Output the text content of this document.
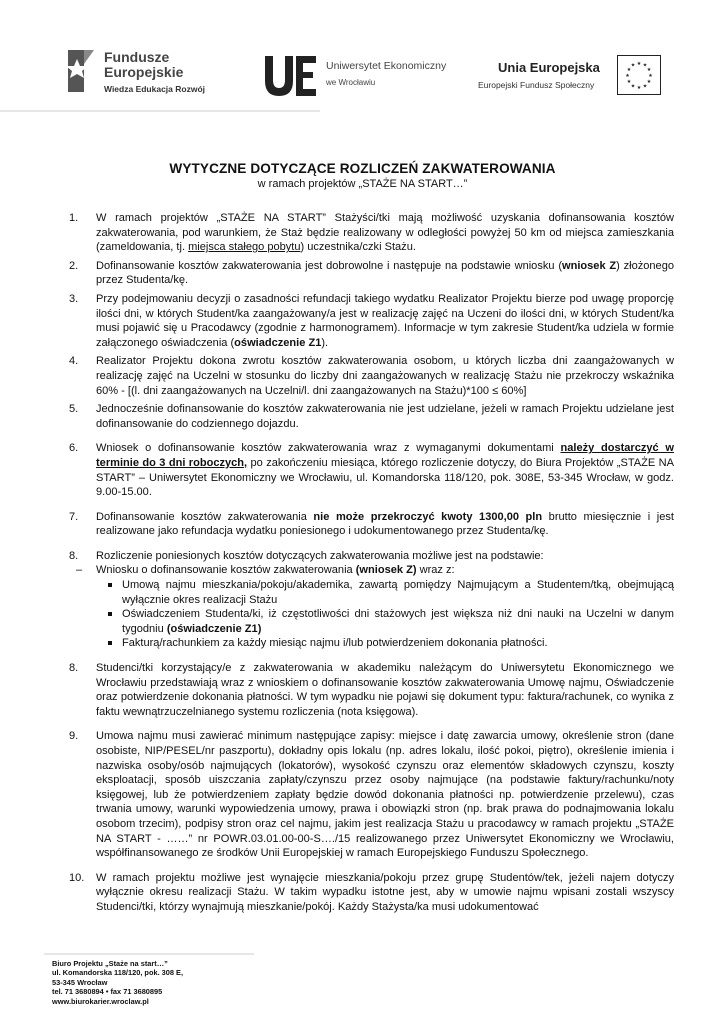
Fundusze
Europejskie
Wiedza Edukacja Rozwój
Uniwersytet Ekonomiczny
we Wrocławiu
Unia Europejska
Europejski Fundusz Społeczny
★ ★
★
★
★
★
★
★
★
★
★
★
WYTYCZNE DOTYCZĄCE ROZLICZEŃ ZAKWATEROWANIA
w ramach projektów „STAŻE NA START…”
1. W ramach projektów „STAŻE NA START” Stażyści/tki mają możliwość uzyskania dofinansowania kosztów zakwaterowania, pod warunkiem, że Staż będzie realizowany w odległości powyżej 50 km od miejsca zamieszkania (zameldowania, tj. miejsca stałego pobytu) uczestnika/czki Stażu.
2. Dofinansowanie kosztów zakwaterowania jest dobrowolne i następuje na podstawie wniosku (wniosek Z) złożonego przez Studenta/kę.
3. Przy podejmowaniu decyzji o zasadności refundacji takiego wydatku Realizator Projektu bierze pod uwagę proporcję ilości dni, w których Student/ka zaangażowany/a jest w realizację zajęć na Uczeni do ilości dni, w których Student/ka musi pojawić się u Pracodawcy (zgodnie z harmonogramem). Informacje w tym zakresie Student/ka udziela w formie załączonego oświadczenia (oświadczenie Z1).
4. Realizator Projektu dokona zwrotu kosztów zakwaterowania osobom, u których liczba dni zaangażowanych w realizację zajęć na Uczelni w stosunku do liczby dni zaangażowanych w realizację Stażu nie przekroczy wskaźnika 60% - [(l. dni zaangażowanych na Uczelni/l. dni zaangażowanych na Stażu)*100 ≤ 60%]
5. Jednocześnie dofinansowanie do kosztów zakwaterowania nie jest udzielane, jeżeli w ramach Projektu udzielane jest dofinansowanie do codziennego dojazdu.
6. Wniosek o dofinansowanie kosztów zakwaterowania wraz z wymaganymi dokumentami należy dostarczyć w terminie do 3 dni roboczych, po zakończeniu miesiąca, którego rozliczenie dotyczy, do Biura Projektów „STAŻE NA START” – Uniwersytet Ekonomiczny we Wrocławiu, ul. Komandorska 118/120, pok. 308E, 53-345 Wrocław, w godz. 9.00-15.00.
7. Dofinansowanie kosztów zakwaterowania nie może przekroczyć kwoty 1300,00 pln brutto miesięcznie i jest realizowane jako refundacja wydatku poniesionego i udokumentowanego przez Studenta/kę.
8. Rozliczenie poniesionych kosztów dotyczących zakwaterowania możliwe jest na podstawie:
– Wniosku o dofinansowanie kosztów zakwaterowania (wniosek Z) wraz z:
Umową najmu mieszkania/pokoju/akademika, zawartą pomiędzy Najmującym a Studentem/tką, obejmującą wyłącznie okres realizacji Stażu
Oświadczeniem Studenta/ki, iż częstotliwości dni stażowych jest większa niż dni nauki na Uczelni w danym tygodniu (oświadczenie Z1)
Fakturą/rachunkiem za każdy miesiąc najmu i/lub potwierdzeniem dokonania płatności.
8. Studenci/tki korzystający/e z zakwaterowania w akademiku należącym do Uniwersytetu Ekonomicznego we Wrocławiu przedstawiają wraz z wnioskiem o dofinansowanie kosztów zakwaterowania Umowę najmu, Oświadczenie oraz potwierdzenie dokonania płatności. W tym wypadku nie pojawi się dokument typu: faktura/rachunek, co wynika z faktu wewnątrzuczelnianego systemu rozliczenia (nota księgowa).
9. Umowa najmu musi zawierać minimum następujące zapisy: miejsce i datę zawarcia umowy, określenie stron (dane osobiste, NIP/PESEL/nr paszportu), dokładny opis lokalu (np. adres lokalu, ilość pokoi, piętro), określenie imienia i nazwiska osoby/osób najmujących (lokatorów), wysokość czynszu oraz elementów składowych czynszu, koszty eksploatacji, sposób uiszczania zapłaty/czynszu przez osoby najmujące (na podstawie faktury/rachunku/noty księgowej, lub że potwierdzeniem zapłaty będzie dowód dokonania płatności np. potwierdzenie przelewu), czas trwania umowy, warunki wypowiedzenia umowy, prawa i obowiązki stron (np. brak prawa do podnajmowania lokalu osobom trzecim), podpisy stron oraz cel najmu, jakim jest realizacja Stażu u pracodawcy w ramach projektu „STAŻE NA START - ……” nr POWR.03.01.00-00-S…./15 realizowanego przez Uniwersytet Ekonomiczny we Wrocławiu, współfinansowanego ze środków Unii Europejskiej w ramach Europejskiego Funduszu Społecznego.
10. W ramach projektu możliwe jest wynajęcie mieszkania/pokoju przez grupę Studentów/tek, jeżeli najem dotyczy wyłącznie okresu realizacji Stażu. W takim wypadku istotne jest, aby w umowie najmu wpisani zostali wszyscy Studenci/tki, którzy wynajmują mieszkanie/pokój. Każdy Stażysta/ka musi udokumentować
Biuro Projektu „Staże na start…”
ul. Komandorska 118/120, pok. 308 E,
53-345 Wrocław
tel. 71 3680894 • fax 71 3680895
www.biurokarier.wroclaw.pl
